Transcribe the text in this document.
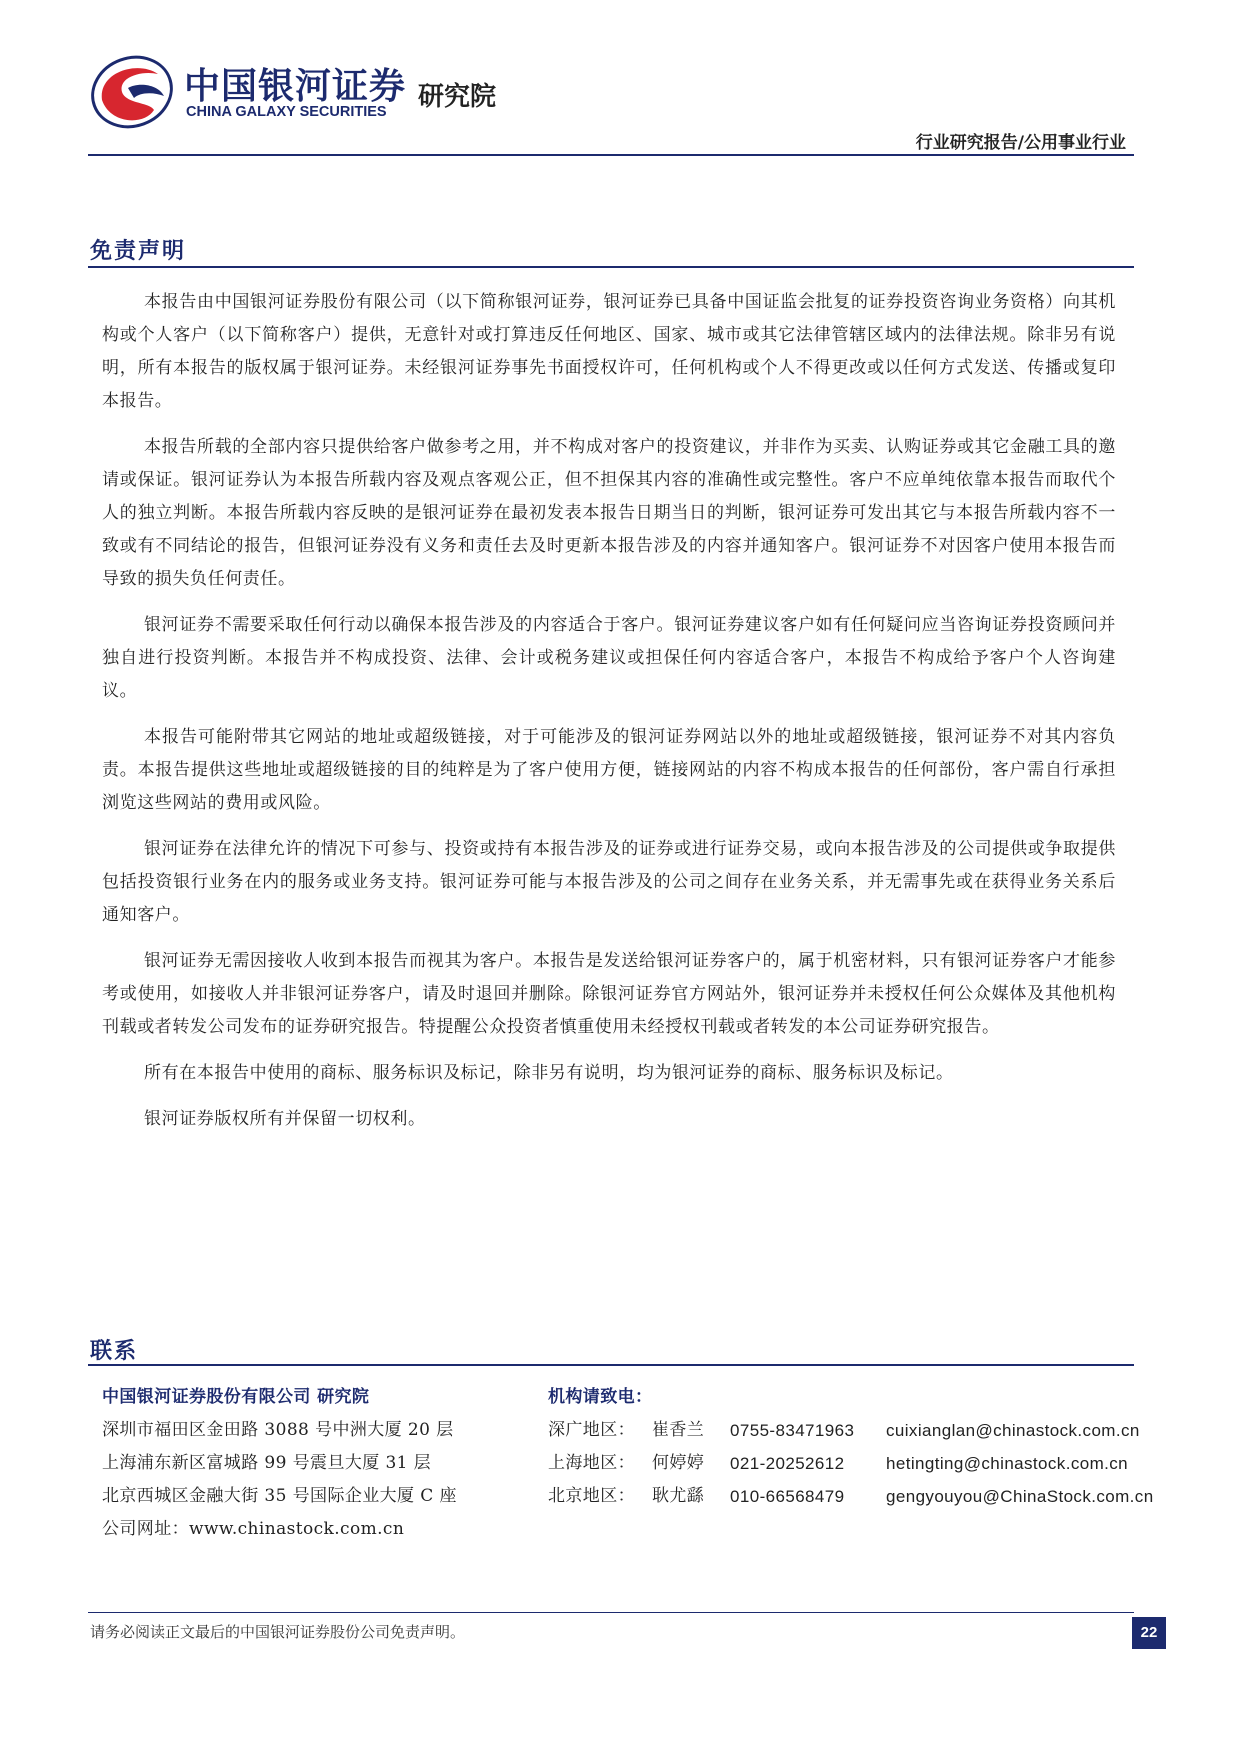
中国银河证券
CHINA GALAXY SECURITIES 研究院
行业研究报告/公用事业行业
免责声明

本报告由中国银河证券股份有限公司（以下简称银河证券，银河证券已具备中国证监会批复的证券投资咨询业务资格）向其机构或个人客户（以下简称客户）提供，无意针对或打算违反任何地区、国家、城市或其它法律管辖区域内的法律法规。除非另有说明，所有本报告的版权属于银河证券。未经银河证券事先书面授权许可，任何机构或个人不得更改或以任何方式发送、传播或复印本报告。

本报告所载的全部内容只提供给客户做参考之用，并不构成对客户的投资建议，并非作为买卖、认购证券或其它金融工具的邀请或保证。银河证券认为本报告所载内容及观点客观公正，但不担保其内容的准确性或完整性。客户不应单纯依靠本报告而取代个人的独立判断。本报告所载内容反映的是银河证券在最初发表本报告日期当日的判断，银河证券可发出其它与本报告所载内容不一致或有不同结论的报告，但银河证券没有义务和责任去及时更新本报告涉及的内容并通知客户。银河证券不对因客户使用本报告而导致的损失负任何责任。

银河证券不需要采取任何行动以确保本报告涉及的内容适合于客户。银河证券建议客户如有任何疑问应当咨询证券投资顾问并独自进行投资判断。本报告并不构成投资、法律、会计或税务建议或担保任何内容适合客户，本报告不构成给予客户个人咨询建议。

本报告可能附带其它网站的地址或超级链接，对于可能涉及的银河证券网站以外的地址或超级链接，银河证券不对其内容负责。本报告提供这些地址或超级链接的目的纯粹是为了客户使用方便，链接网站的内容不构成本报告的任何部份，客户需自行承担浏览这些网站的费用或风险。

银河证券在法律允许的情况下可参与、投资或持有本报告涉及的证券或进行证券交易，或向本报告涉及的公司提供或争取提供包括投资银行业务在内的服务或业务支持。银河证券可能与本报告涉及的公司之间存在业务关系，并无需事先或在获得业务关系后通知客户。

银河证券无需因接收人收到本报告而视其为客户。本报告是发送给银河证券客户的，属于机密材料，只有银河证券客户才能参考或使用，如接收人并非银河证券客户，请及时退回并删除。除银河证券官方网站外，银河证券并未授权任何公众媒体及其他机构刊载或者转发公司发布的证券研究报告。特提醒公众投资者慎重使用未经授权刊载或者转发的本公司证券研究报告。

所有在本报告中使用的商标、服务标识及标记，除非另有说明，均为银河证券的商标、服务标识及标记。

银河证券版权所有并保留一切权利。

联系
中国银河证券股份有限公司 研究院
深圳市福田区金田路 3088 号中洲大厦 20 层
上海浦东新区富城路 99 号震旦大厦 31 层
北京西城区金融大街 35 号国际企业大厦 C 座
公司网址：www.chinastock.com.cn
机构请致电：
深广地区： 崔香兰 0755-83471963 cuixianglan@chinastock.com.cn
上海地区： 何婷婷 021-20252612 hetingting@chinastock.com.cn
北京地区： 耿尤繇 010-66568479 gengyouyou@ChinaStock.com.cn
请务必阅读正文最后的中国银河证券股份公司免责声明。	22
